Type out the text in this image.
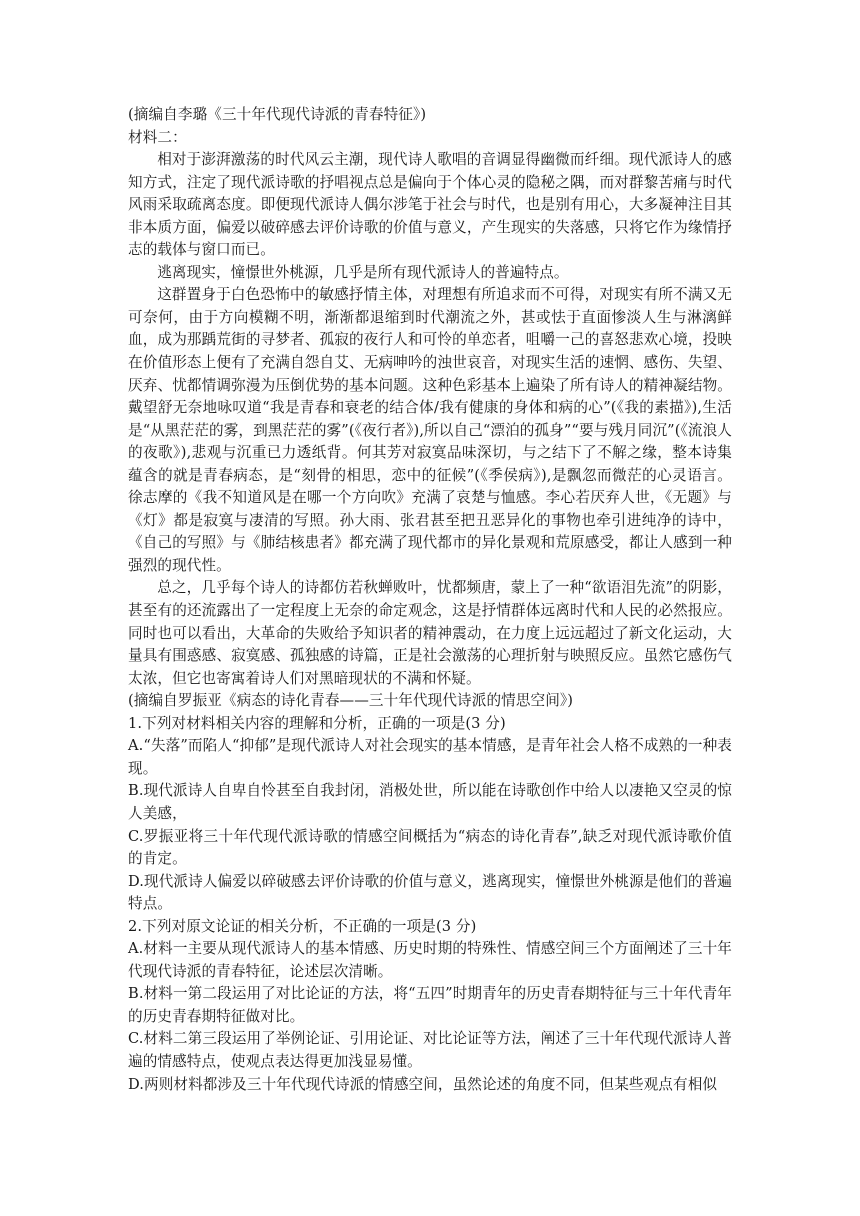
(摘编自李璐《三十年代现代诗派的青春特征》)
材料二：
相对于澎湃激荡的时代风云主潮，现代诗人歌唱的音调显得幽微而纤细。现代派诗人的感知方式，注定了现代派诗歌的抒唱视点总是偏向于个体心灵的隐秘之隅，而对群黎苦痛与时代风雨采取疏离态度。即便现代派诗人偶尔涉笔于社会与时代，也是别有用心，大多凝神注目其非本质方面，偏爱以破碎感去评价诗歌的价值与意义，产生现实的失落感，只将它作为缘情抒志的载体与窗口而已。
逃离现实，憧憬世外桃源，几乎是所有现代派诗人的普遍特点。
这群置身于白色恐怖中的敏感抒情主体，对理想有所追求而不可得，对现实有所不满又无可奈何，由于方向模糊不明，渐渐都退缩到时代潮流之外，甚或怯于直面惨淡人生与淋漓鲜血，成为那踽荒街的寻梦者、孤寂的夜行人和可怜的单恋者，咀嚼一己的喜怒悲欢心境，投映在价值形态上便有了充满自怨自艾、无病呻吟的浊世哀音，对现实生活的速惘、感伤、失望、厌弃、忧都情调弥漫为压倒优势的基本问题。这种色彩基本上遍染了所有诗人的精神凝结物。戴望舒无奈地咏叹道“我是青春和衰老的结合体/我有健康的身体和病的心”(《我的素描》),生活是“从黑茫茫的雾，到黑茫茫的雾”(《夜行者》),所以自己“漂泊的孤身”“要与残月同沉”(《流浪人的夜歌》),悲观与沉重已力透纸背。何其芳对寂寞品味深切，与之结下了不解之缘，整本诗集蕴含的就是青春病态，是“刻骨的相思，恋中的征候”(《季侯病》),是飘忽而微茫的心灵语言。徐志摩的《我不知道风是在哪一个方向吹》充满了哀楚与恤感。李心若厌弃人世，《无题》与《灯》都是寂寞与凄清的写照。孙大雨、张君甚至把丑恶异化的事物也牵引进纯净的诗中，《自己的写照》与《肺结核患者》都充满了现代都市的异化景观和荒原感受，都让人感到一种强烈的现代性。
总之，几乎每个诗人的诗都仿若秋蝉败叶，忧都频唐，蒙上了一种“欲语泪先流”的阴影，甚至有的还流露出了一定程度上无奈的命定观念，这是抒情群体远离时代和人民的必然报应。同时也可以看出，大革命的失败给予知识者的精神震动，在力度上远远超过了新文化运动，大量具有围惑感、寂寞感、孤独感的诗篇，正是社会激荡的心理折射与映照反应。虽然它感伤气太浓，但它也寄寓着诗人们对黑暗现状的不满和怀疑。
(摘编自罗振亚《病态的诗化青春——三十年代现代诗派的情思空间》)
1.下列对材料相关内容的理解和分析，正确的一项是(3 分)
A.“失落”而陷人“抑郁”是现代派诗人对社会现实的基本情感，是青年社会人格不成熟的一种表现。
B.现代派诗人自卑自怜甚至自我封闭，消极处世，所以能在诗歌创作中给人以凄艳又空灵的惊人美感，
C.罗振亚将三十年代现代派诗歌的情感空间概括为“病态的诗化青春”,缺乏对现代派诗歌价值的肯定。
D.现代派诗人偏爱以碎破感去评价诗歌的价值与意义，逃离现实，憧憬世外桃源是他们的普遍特点。
2.下列对原文论证的相关分析，不正确的一项是(3 分)
A.材料一主要从现代派诗人的基本情感、历史时期的特殊性、情感空间三个方面阐述了三十年代现代诗派的青春特征，论述层次清晰。
B.材料一第二段运用了对比论证的方法，将“五四”时期青年的历史青春期特征与三十年代青年的历史青春期特征做对比。
C.材料二第三段运用了举例论证、引用论证、对比论证等方法，阐述了三十年代现代派诗人普遍的情感特点，使观点表达得更加浅显易懂。
D.两则材料都涉及三十年代现代诗派的情感空间，虽然论述的角度不同，但某些观点有相似
